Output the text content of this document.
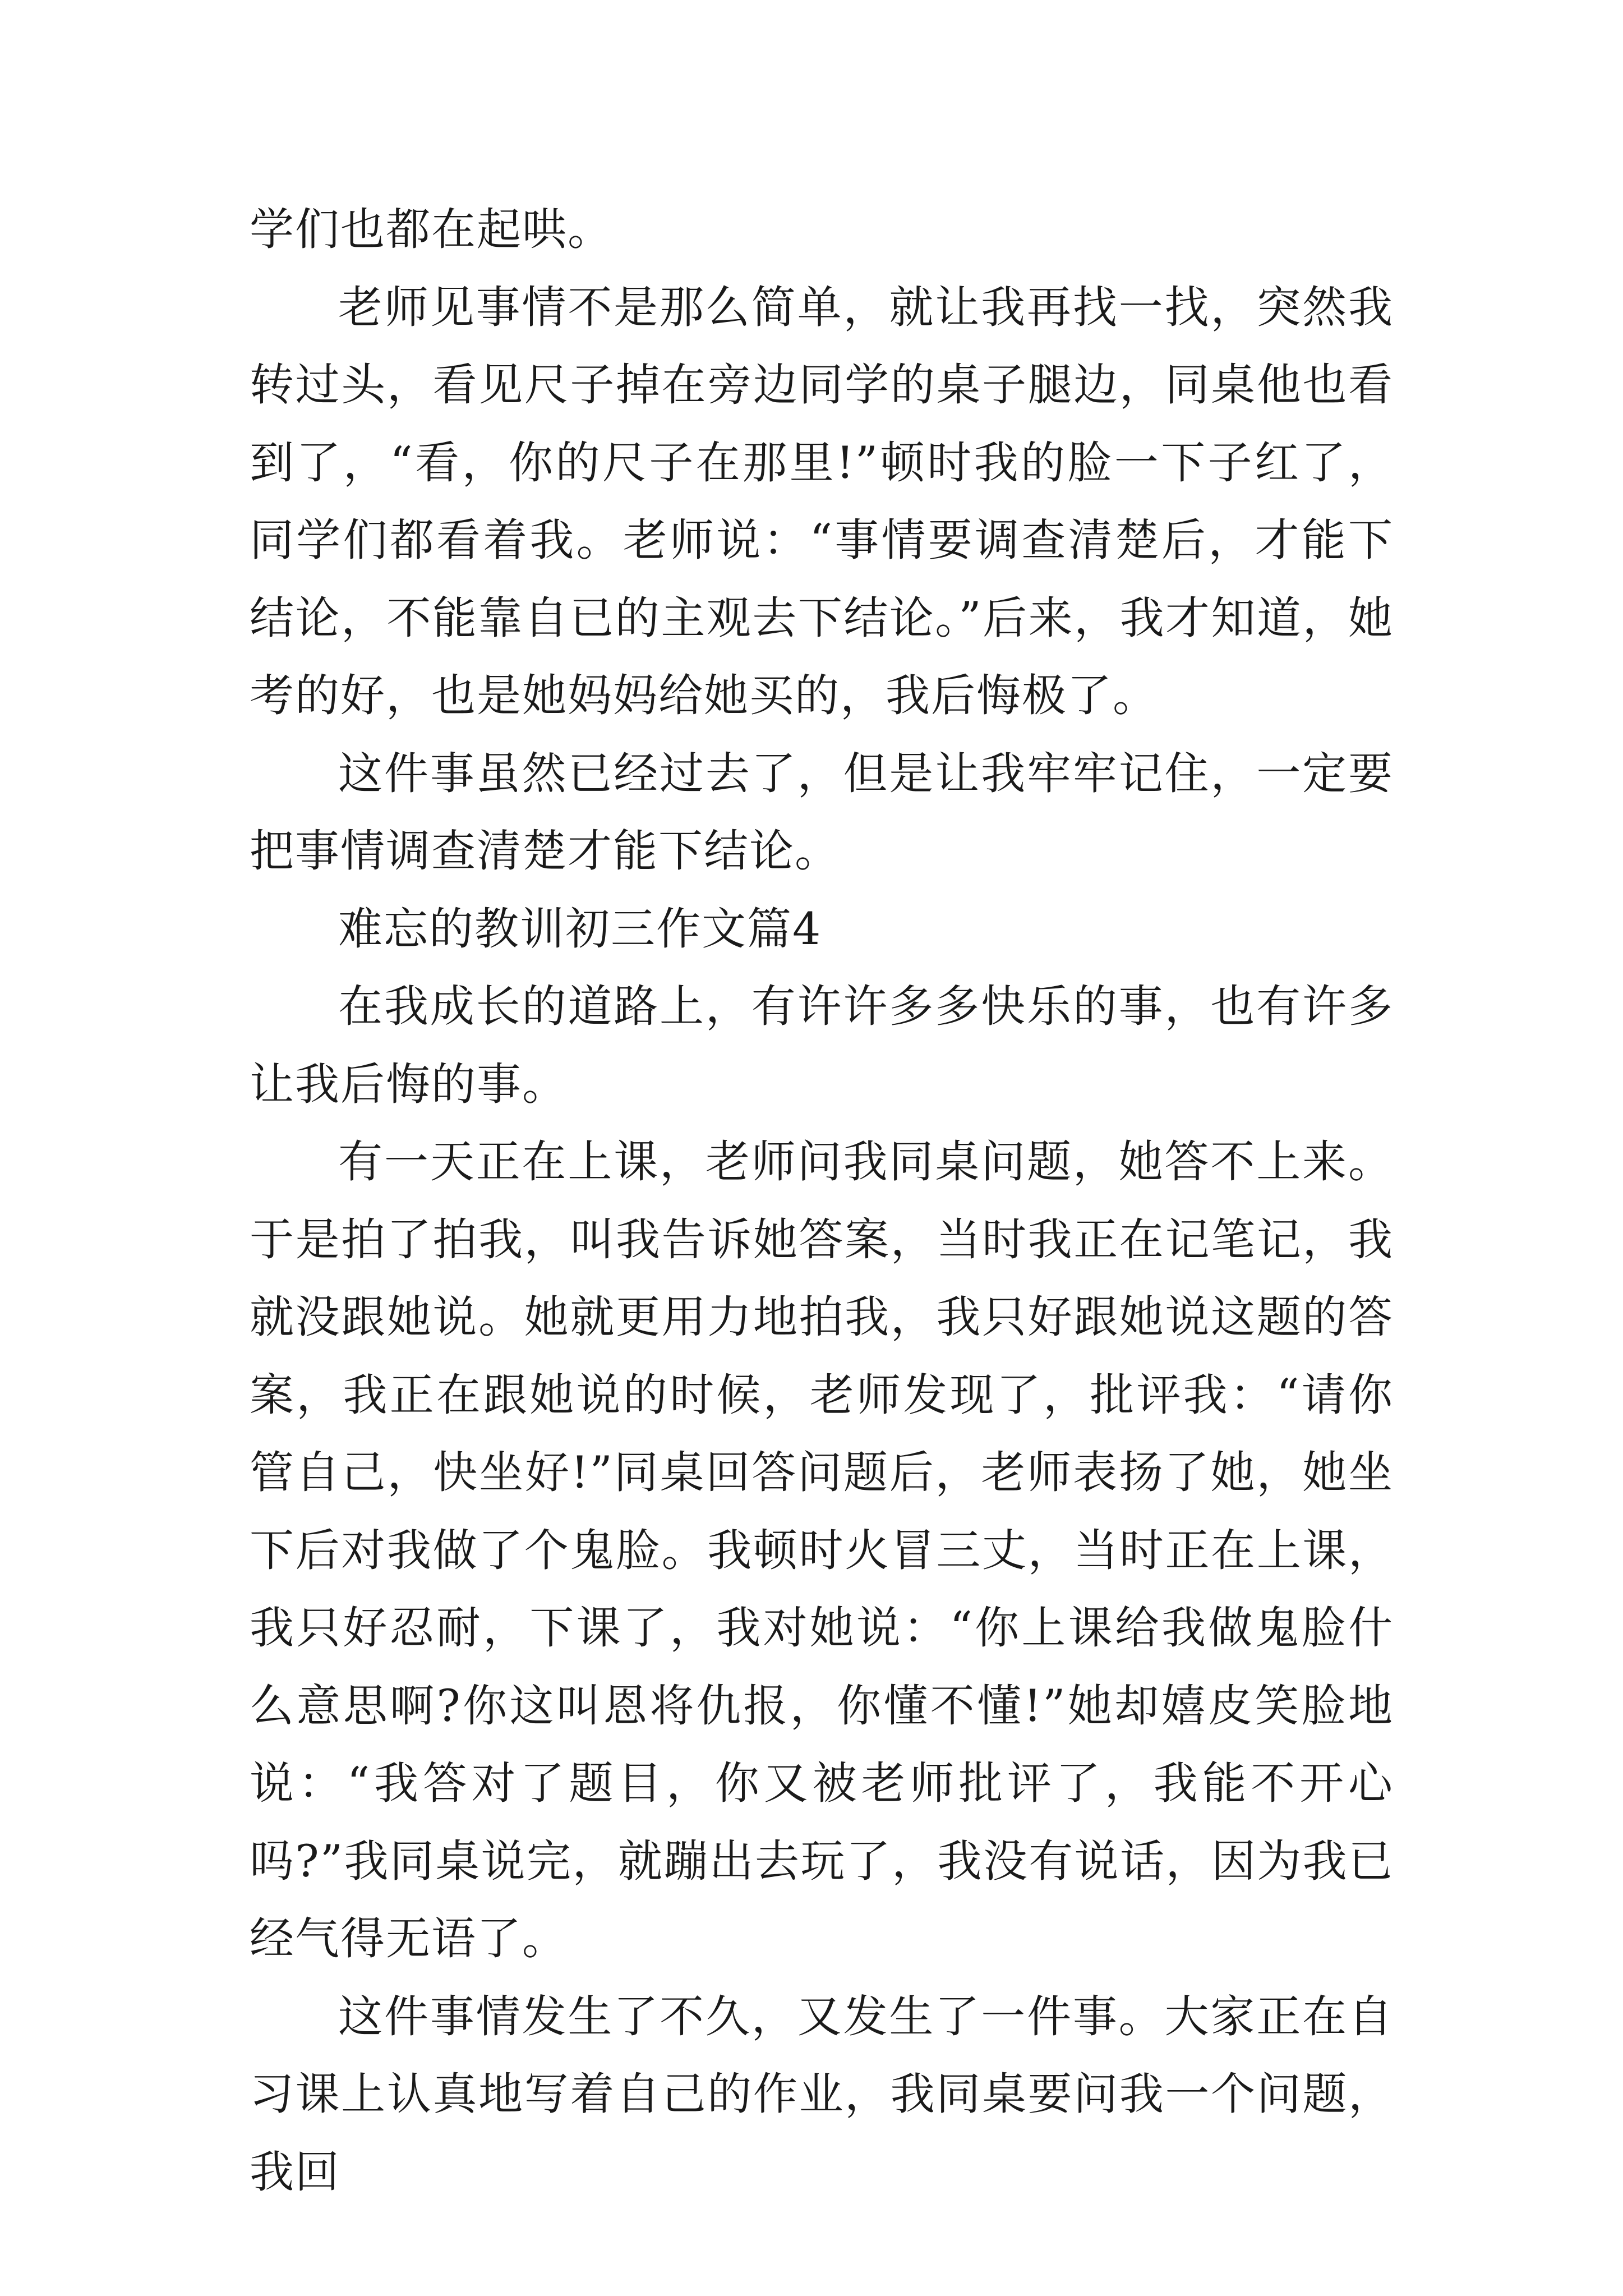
学们也都在起哄。

老师见事情不是那么简单，就让我再找一找，突然我转过头，看见尺子掉在旁边同学的桌子腿边，同桌他也看到了，“看，你的尺子在那里!”顿时我的脸一下子红了，同学们都看着我。老师说：“事情要调查清楚后，才能下结论，不能靠自已的主观去下结论。”后来，我才知道，她考的好，也是她妈妈给她买的，我后悔极了。

这件事虽然已经过去了，但是让我牢牢记住，一定要把事情调查清楚才能下结论。

难忘的教训初三作文篇4

在我成长的道路上，有许许多多快乐的事，也有许多让我后悔的事。

有一天正在上课，老师问我同桌问题，她答不上来。于是拍了拍我，叫我告诉她答案，当时我正在记笔记，我就没跟她说。她就更用力地拍我，我只好跟她说这题的答案，我正在跟她说的时候，老师发现了，批评我：“请你管自己，快坐好!”同桌回答问题后，老师表扬了她，她坐下后对我做了个鬼脸。我顿时火冒三丈，当时正在上课，我只好忍耐，下课了，我对她说：“你上课给我做鬼脸什么意思啊?你这叫恩将仇报，你懂不懂!”她却嬉皮笑脸地说：“我答对了题目，你又被老师批评了，我能不开心吗?”我同桌说完，就蹦出去玩了，我没有说话，因为我已经气得无语了。

这件事情发生了不久，又发生了一件事。大家正在自习课上认真地写着自己的作业，我同桌要问我一个问题，我回
